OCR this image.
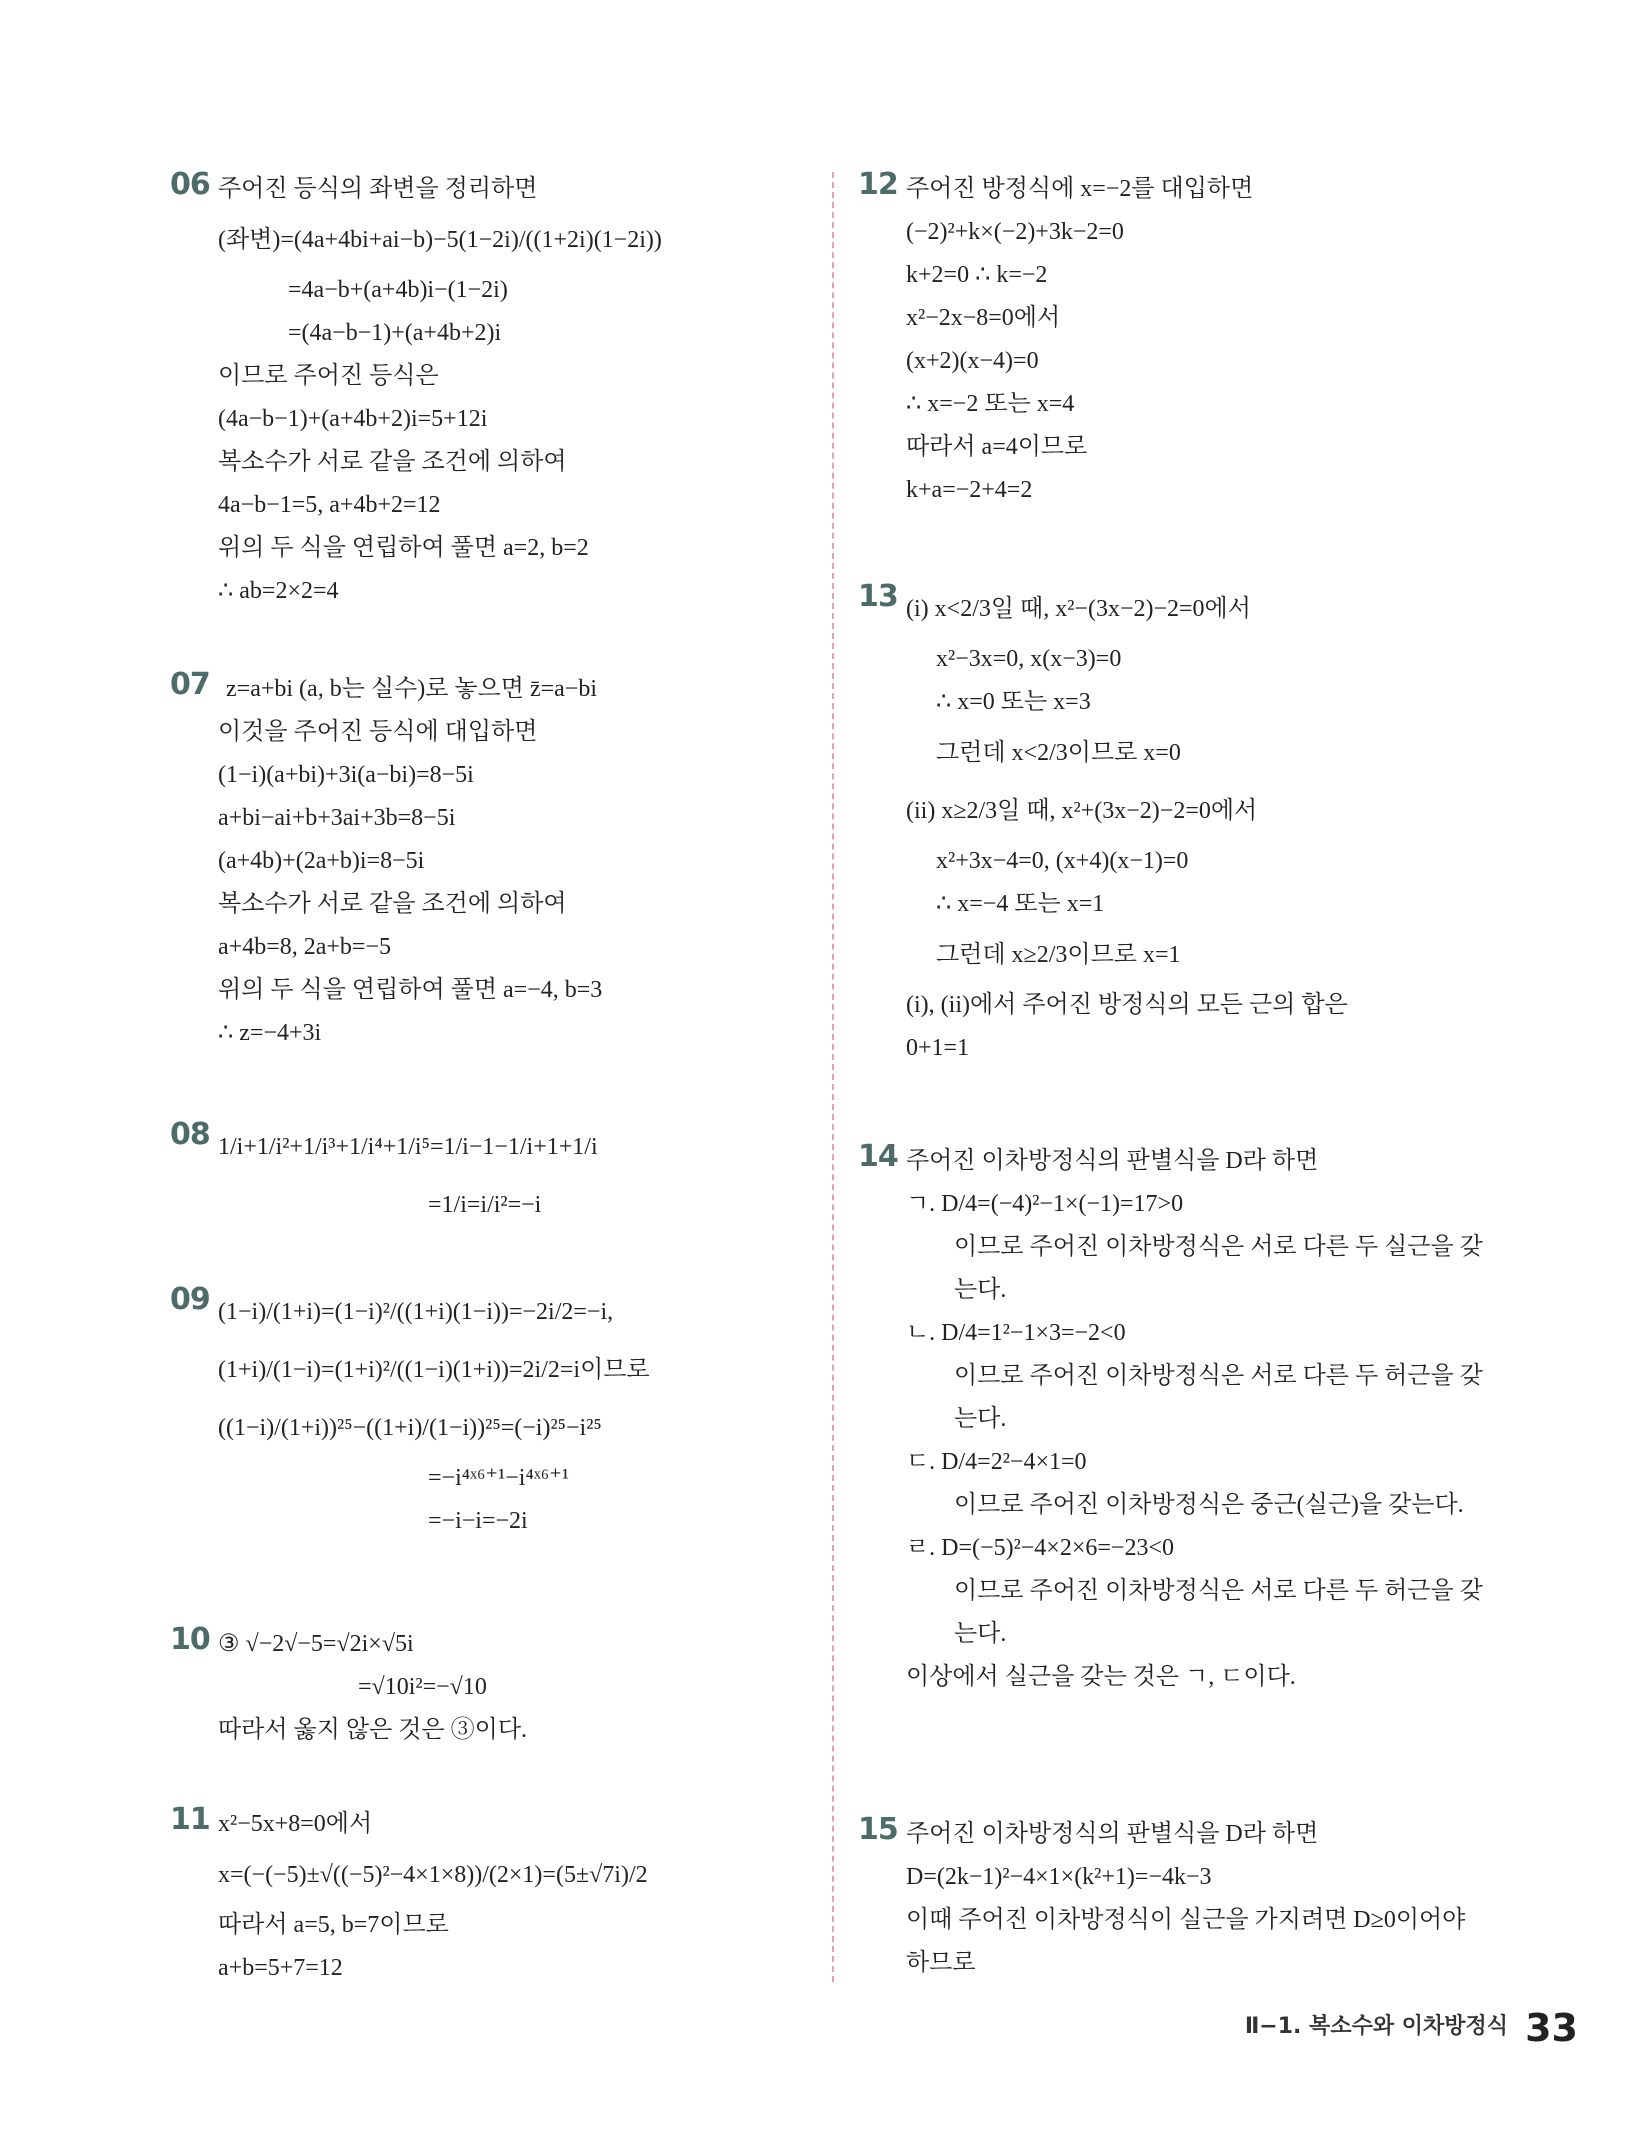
06 주어진 등식의 좌변을 정리하면
(좌변)=(4a+4bi+ai−b)−5(1−2i)/((1+2i)(1−2i))
=4a−b+(a+4b)i−(1−2i)
=(4a−b−1)+(a+4b+2)i
이므로 주어진 등식은
(4a−b−1)+(a+4b+2)i=5+12i
복소수가 서로 같을 조건에 의하여
4a−b−1=5, a+4b+2=12
위의 두 식을 연립하여 풀면 a=2, b=2
∴ ab=2×2=4
07 z=a+bi (a, b는 실수)로 놓으면 z̄=a−bi
이것을 주어진 등식에 대입하면
(1−i)(a+bi)+3i(a−bi)=8−5i
a+bi−ai+b+3ai+3b=8−5i
(a+4b)+(2a+b)i=8−5i
복소수가 서로 같을 조건에 의하여
a+4b=8, 2a+b=−5
위의 두 식을 연립하여 풀면 a=−4, b=3
∴ z=−4+3i
08 1/i+1/i²+1/i³+1/i⁴+1/i⁵=1/i−1−1/i+1+1/i
=1/i=i/i²=−i
09 (1−i)/(1+i)=(1−i)²/((1+i)(1−i))=−2i/2=−i,
(1+i)/(1−i)=(1+i)²/((1−i)(1+i))=2i/2=i이므로
((1−i)/(1+i))²⁵−((1+i)/(1−i))²⁵=(−i)²⁵−i²⁵
=−i⁴ˣ⁶⁺¹−i⁴ˣ⁶⁺¹
=−i−i=−2i
10 ③ √−2√−5=√2i×√5i
=√10i²=−√10
따라서 옳지 않은 것은 ③이다.
11 x²−5x+8=0에서
x=(−(−5)±√((−5)²−4×1×8))/(2×1)=(5±√7i)/2
따라서 a=5, b=7이므로
a+b=5+7=12
12 주어진 방정식에 x=−2를 대입하면
(−2)²+k×(−2)+3k−2=0
k+2=0 ∴ k=−2
x²−2x−8=0에서
(x+2)(x−4)=0
∴ x=−2 또는 x=4
따라서 a=4이므로
k+a=−2+4=2
13 (i) x<2/3일 때, x²−(3x−2)−2=0에서
x²−3x=0, x(x−3)=0
∴ x=0 또는 x=3
그런데 x<2/3이므로 x=0
(ii) x≥2/3일 때, x²+(3x−2)−2=0에서
x²+3x−4=0, (x+4)(x−1)=0
∴ x=−4 또는 x=1
그런데 x≥2/3이므로 x=1
(i), (ii)에서 주어진 방정식의 모든 근의 합은
0+1=1
14 주어진 이차방정식의 판별식을 D라 하면
ㄱ. D/4=(−4)²−1×(−1)=17>0
이므로 주어진 이차방정식은 서로 다른 두 실근을 갖
는다.
ㄴ. D/4=1²−1×3=−2<0
이므로 주어진 이차방정식은 서로 다른 두 허근을 갖
는다.
ㄷ. D/4=2²−4×1=0
이므로 주어진 이차방정식은 중근(실근)을 갖는다.
ㄹ. D=(−5)²−4×2×6=−23<0
이므로 주어진 이차방정식은 서로 다른 두 허근을 갖
는다.
이상에서 실근을 갖는 것은 ㄱ, ㄷ이다.
15 주어진 이차방정식의 판별식을 D라 하면
D=(2k−1)²−4×1×(k²+1)=−4k−3
이때 주어진 이차방정식이 실근을 가지려면 D≥0이어야
하므로
Ⅱ−1. 복소수와 이차방정식 33
